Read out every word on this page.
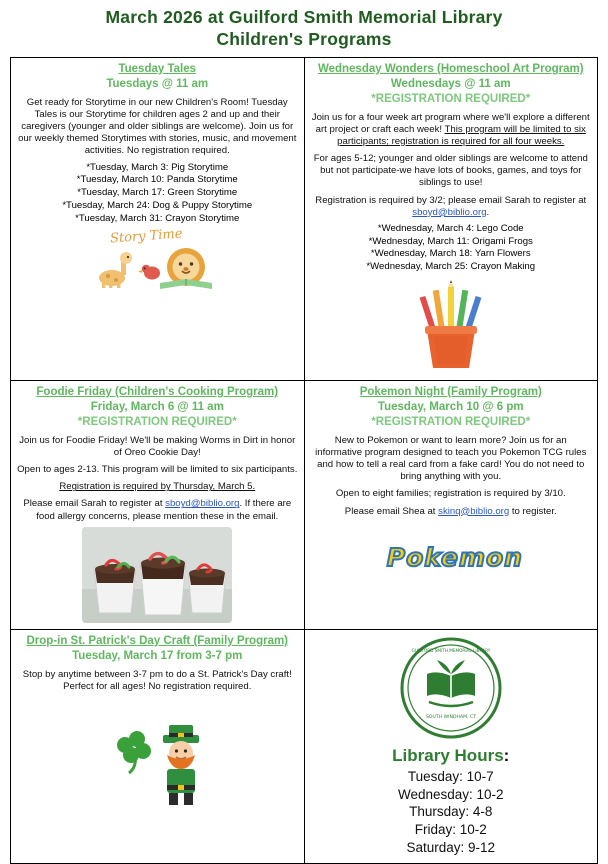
March 2026 at Guilford Smith Memorial Library
Children's Programs
Tuesday Tales
Tuesdays @ 11 am

Get ready for Storytime in our new Children's Room! Tuesday Tales is our Storytime for children ages 2 and up and their caregivers (younger and older siblings are welcome). Join us for our weekly themed Storytimes with stories, music, and movement activities. No registration required.

*Tuesday, March 3: Pig Storytime
*Tuesday, March 10: Panda Storytime
*Tuesday, March 17: Green Storytime
*Tuesday, March 24: Dog & Puppy Storytime
*Tuesday, March 31: Crayon Storytime
Story Time

Wednesday Wonders (Homeschool Art Program)
Wednesdays @ 11 am
*REGISTRATION REQUIRED*

Join us for a four week art program where we'll explore a different art project or craft each week! This program will be limited to six participants; registration is required for all four weeks.

For ages 5-12; younger and older siblings are welcome to attend but not participate-we have lots of books, games, and toys for siblings to use!

Registration is required by 3/2; please email Sarah to register at sboyd@biblio.org.

*Wednesday, March 4: Lego Code
*Wednesday, March 11: Origami Frogs
*Wednesday, March 18: Yarn Flowers
*Wednesday, March 25: Crayon Making

Foodie Friday (Children's Cooking Program)
Friday, March 6 @ 11 am
*REGISTRATION REQUIRED*

Join us for Foodie Friday! We'll be making Worms in Dirt in honor of Oreo Cookie Day!

Open to ages 2-13. This program will be limited to six participants.

Registration is required by Thursday, March 5.

Please email Sarah to register at sboyd@biblio.org. If there are food allergy concerns, please mention these in the email.

Pokemon Night (Family Program)
Tuesday, March 10 @ 6 pm
*REGISTRATION REQUIRED*

New to Pokemon or want to learn more? Join us for an informative program designed to teach you Pokemon TCG rules and how to tell a real card from a fake card! You do not need to bring anything with you.

Open to eight families; registration is required by 3/10.

Please email Shea at skinq@biblio.org to register.

Pokemon

Drop-in St. Patrick's Day Craft (Family Program)
Tuesday, March 17 from 3-7 pm

Stop by anytime between 3-7 pm to do a St. Patrick's Day craft! Perfect for all ages! No registration required.

SOUTH WINDHAM, CT
GUILFORD SMITH MEMORIAL LIBRARY
Library Hours:
Tuesday: 10-7
Wednesday: 10-2
Thursday: 4-8
Friday: 10-2
Saturday: 9-12
